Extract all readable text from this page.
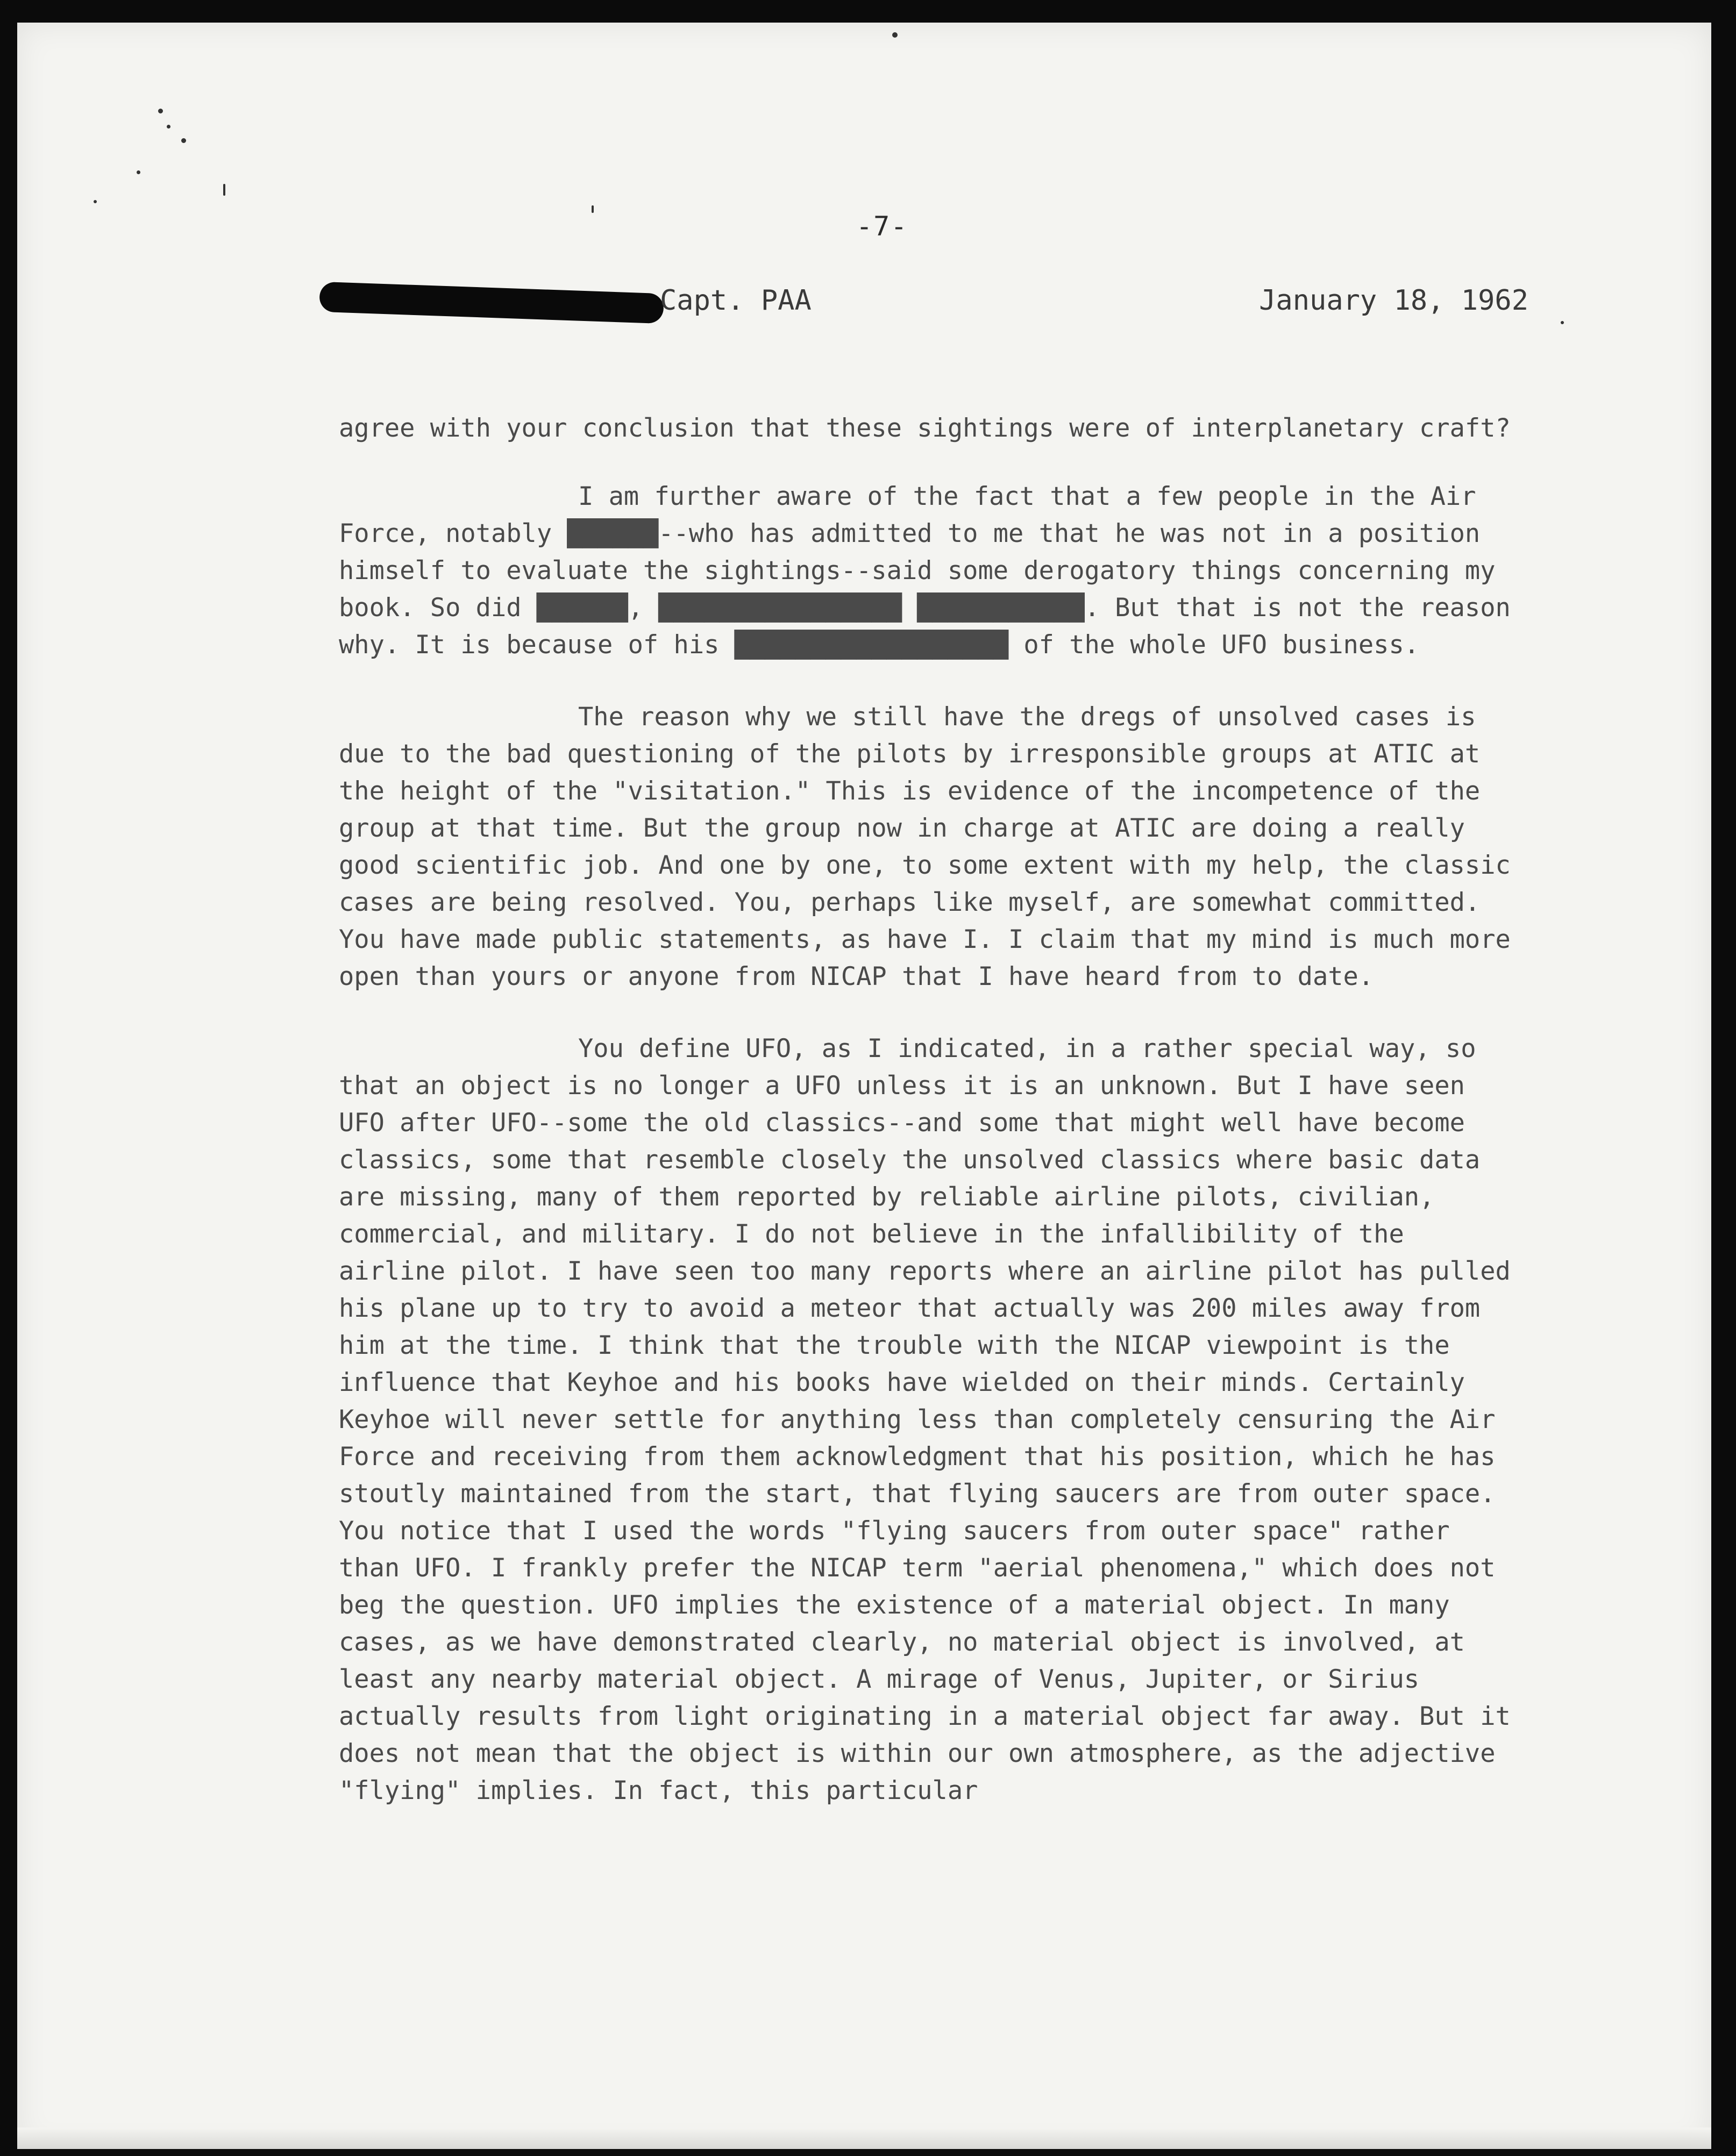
-7-
Capt. PAA	January 18, 1962

agree with your conclusion that these sightings were of interplanetary craft?

I am further aware of the fact that a few people in the Air Force, notably ██████--who has admitted to me that he was not in a position himself to evaluate the sightings--said some derogatory things concerning my book. So did ██████, ████████████████ ███████████. But that is not the reason why. It is because of his ██████████████████ of the whole UFO business.

The reason why we still have the dregs of unsolved cases is due to the bad questioning of the pilots by irresponsible groups at ATIC at the height of the "visitation." This is evidence of the incompetence of the group at that time. But the group now in charge at ATIC are doing a really good scientific job. And one by one, to some extent with my help, the classic cases are being resolved. You, perhaps like myself, are somewhat committed. You have made public statements, as have I. I claim that my mind is much more open than yours or anyone from NICAP that I have heard from to date.

You define UFO, as I indicated, in a rather special way, so that an object is no longer a UFO unless it is an unknown. But I have seen UFO after UFO--some the old classics--and some that might well have become classics, some that resemble closely the unsolved classics where basic data are missing, many of them reported by reliable airline pilots, civilian, commercial, and military. I do not believe in the infallibility of the airline pilot. I have seen too many reports where an airline pilot has pulled his plane up to try to avoid a meteor that actually was 200 miles away from him at the time. I think that the trouble with the NICAP viewpoint is the influence that Keyhoe and his books have wielded on their minds. Certainly Keyhoe will never settle for anything less than completely censuring the Air Force and receiving from them acknowledgment that his position, which he has stoutly maintained from the start, that flying saucers are from outer space. You notice that I used the words "flying saucers from outer space" rather than UFO. I frankly prefer the NICAP term "aerial phenomena," which does not beg the question. UFO implies the existence of a material object. In many cases, as we have demonstrated clearly, no material object is involved, at least any nearby material object. A mirage of Venus, Jupiter, or Sirius actually results from light originating in a material object far away. But it does not mean that the object is within our own atmosphere, as the adjective "flying" implies. In fact, this particular
